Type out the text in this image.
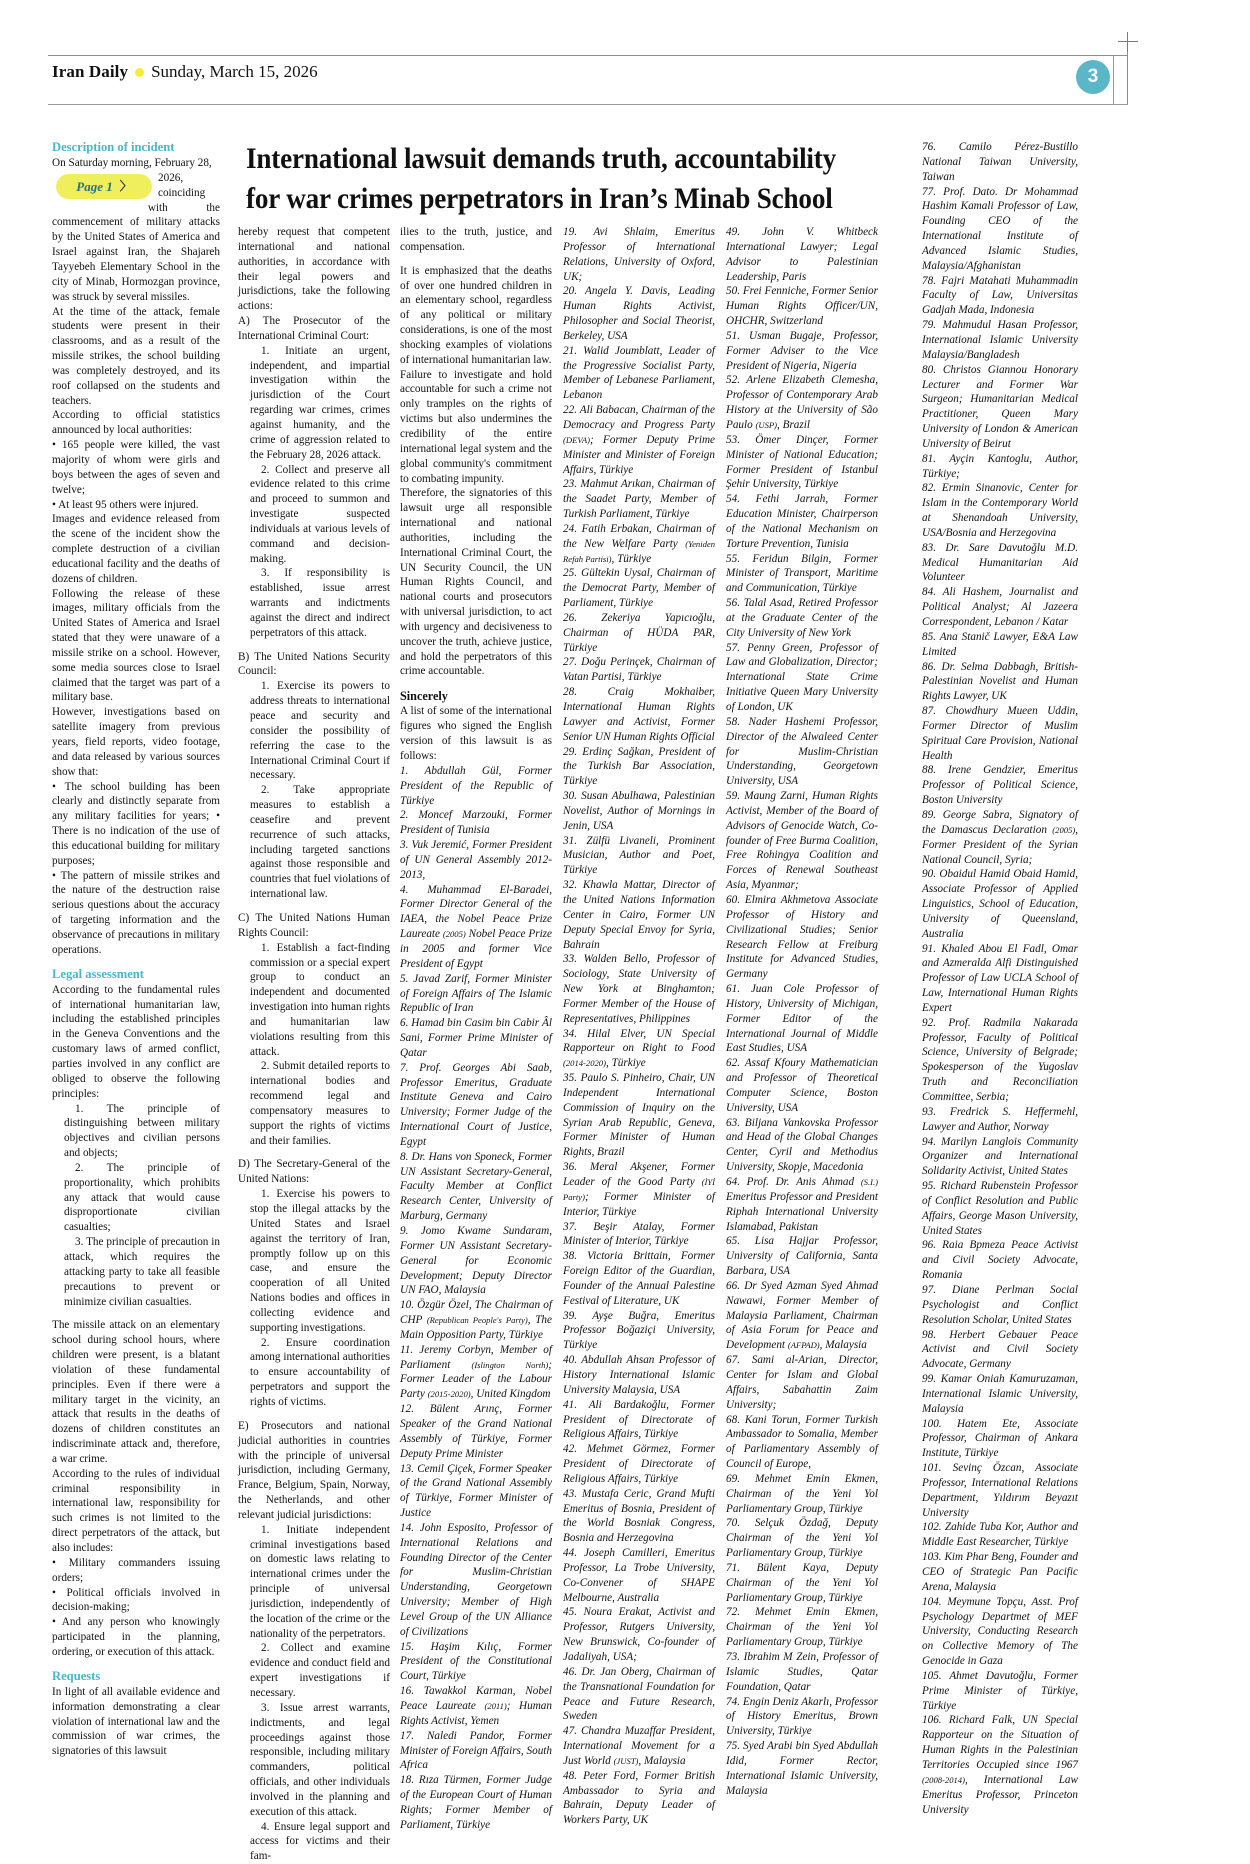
Iran Daily Sunday, March 15, 2026	3
International lawsuit demands truth, accountability for war crimes perpetrators in Iran’s Minab School
Description of incident

On Saturday morning, February 28,

Page 1 〉

2026, coinciding with the commencement of military attacks by the United States of America and Israel against Iran, the Shajareh Tayyebeh Elementary School in the city of Minab, Hormozgan province, was struck by several missiles.

At the time of the attack, female students were present in their classrooms, and as a result of the missile strikes, the school building was completely destroyed, and its roof collapsed on the students and teachers.

According to official statistics announced by local authorities:

• 165 people were killed, the vast majority of whom were girls and boys between the ages of seven and twelve;

• At least 95 others were injured.

Images and evidence released from the scene of the incident show the complete destruction of a civilian educational facility and the deaths of dozens of children.

Following the release of these images, military officials from the United States of America and Israel stated that they were unaware of a missile strike on a school. However, some media sources close to Israel claimed that the target was part of a military base.

However, investigations based on satellite imagery from previous years, field reports, video footage, and data released by various sources show that:

• The school building has been clearly and distinctly separate from any military facilities for years; • There is no indication of the use of this educational building for military purposes;

• The pattern of missile strikes and the nature of the destruction raise serious questions about the accuracy of targeting information and the observance of precautions in military operations.

Legal assessment

According to the fundamental rules of international humanitarian law, including the established principles in the Geneva Conventions and the customary laws of armed conflict, parties involved in any conflict are obliged to observe the following principles:

1. The principle of distinguishing between military objectives and civilian persons and objects;

2. The principle of proportionality, which prohibits any attack that would cause disproportionate civilian casualties;

3. The principle of precaution in attack, which requires the attacking party to take all feasible precautions to prevent or minimize civilian casualties.

The missile attack on an elementary school during school hours, where children were present, is a blatant violation of these fundamental principles. Even if there were a military target in the vicinity, an attack that results in the deaths of dozens of children constitutes an indiscriminate attack and, therefore, a war crime.

According to the rules of individual criminal responsibility in international law, responsibility for such crimes is not limited to the direct perpetrators of the attack, but also includes:

• Military commanders issuing orders;

• Political officials involved in decision-making;

• And any person who knowingly participated in the planning, ordering, or execution of this attack.

Requests

In light of all available evidence and information demonstrating a clear violation of international law and the commission of war crimes, the signatories of this lawsuit

hereby request that competent international and national authorities, in accordance with their legal powers and jurisdictions, take the following actions:

A) The Prosecutor of the International Criminal Court:

1. Initiate an urgent, independent, and impartial investigation within the jurisdiction of the Court regarding war crimes, crimes against humanity, and the crime of aggression related to the February 28, 2026 attack.

2. Collect and preserve all evidence related to this crime and proceed to summon and investigate suspected individuals at various levels of command and decision-making.

3. If responsibility is established, issue arrest warrants and indictments against the direct and indirect perpetrators of this attack.

B) The United Nations Security Council:

1. Exercise its powers to address threats to international peace and security and consider the possibility of referring the case to the International Criminal Court if necessary.

2. Take appropriate measures to establish a ceasefire and prevent recurrence of such attacks, including targeted sanctions against those responsible and countries that fuel violations of international law.

C) The United Nations Human Rights Council:

1. Establish a fact-finding commission or a special expert group to conduct an independent and documented investigation into human rights and humanitarian law violations resulting from this attack.

2. Submit detailed reports to international bodies and recommend legal and compensatory measures to support the rights of victims and their families.

D) The Secretary-General of the United Nations:

1. Exercise his powers to stop the illegal attacks by the United States and Israel against the territory of Iran, promptly follow up on this case, and ensure the cooperation of all United Nations bodies and offices in collecting evidence and supporting investigations.

2. Ensure coordination among international authorities to ensure accountability of perpetrators and support the rights of victims.

E) Prosecutors and national judicial authorities in countries with the principle of universal jurisdiction, including Germany, France, Belgium, Spain, Norway, the Netherlands, and other relevant judicial jurisdictions:

1. Initiate independent criminal investigations based on domestic laws relating to international crimes under the principle of universal jurisdiction, independently of the location of the crime or the nationality of the perpetrators.

2. Collect and examine evidence and conduct field and expert investigations if necessary.

3. Issue arrest warrants, indictments, and legal proceedings against those responsible, including military commanders, political officials, and other individuals involved in the planning and execution of this attack.

4. Ensure legal support and access for victims and their fam-

ilies to the truth, justice, and compensation.

It is emphasized that the deaths of over one hundred children in an elementary school, regardless of any political or military considerations, is one of the most shocking examples of violations of international humanitarian law.

Failure to investigate and hold accountable for such a crime not only tramples on the rights of victims but also undermines the credibility of the entire international legal system and the global community's commitment to combating impunity.

Therefore, the signatories of this lawsuit urge all responsible international and national authorities, including the International Criminal Court, the UN Security Council, the UN Human Rights Council, and national courts and prosecutors with universal jurisdiction, to act with urgency and decisiveness to uncover the truth, achieve justice, and hold the perpetrators of this crime accountable.

Sincerely

A list of some of the international figures who signed the English version of this lawsuit is as follows:

1. Abdullah Gül, Former President of the Republic of Türkiye

2. Moncef Marzouki, Former President of Tunisia

3. Vuk Jeremić, Former President of UN General Assembly 2012-2013,

4. Muhammad El-Baradei, Former Director General of the IAEA, the Nobel Peace Prize Laureate (2005) Nobel Peace Prize in 2005 and former Vice President of Egypt

5. Javad Zarif, Former Minister of Foreign Affairs of The Islamic Republic of Iran

6. Hamad bin Casim bin Cabir Âl Sani, Former Prime Minister of Qatar

7. Prof. Georges Abi Saab, Professor Emeritus, Graduate Institute Geneva and Cairo University; Former Judge of the International Court of Justice, Egypt

8. Dr. Hans von Sponeck, Former UN Assistant Secretary-General, Faculty Member at Conflict Research Center, University of Marburg, Germany

9. Jomo Kwame Sundaram, Former UN Assistant Secretary-General for Economic Development; Deputy Director UN FAO, Malaysia

10. Özgür Özel, The Chairman of CHP (Republican People's Party), The Main Opposition Party, Türkiye

11. Jeremy Corbyn, Member of Parliament (Islington North); Former Leader of the Labour Party (2015-2020), United Kingdom

12. Bülent Arınç, Former Speaker of the Grand National Assembly of Türkiye, Former Deputy Prime Minister

13. Cemil Çiçek, Former Speaker of the Grand National Assembly of Türkiye, Former Minister of Justice

14. John Esposito, Professor of International Relations and Founding Director of the Center for Muslim-Christian Understanding, Georgetown University; Member of High Level Group of the UN Alliance of Civilizations

15. Haşim Kılıç, Former President of the Constitutional Court, Türkiye

16. Tawakkol Karman, Nobel Peace Laureate (2011); Human Rights Activist, Yemen

17. Naledi Pandor, Former Minister of Foreign Affairs, South Africa

18. Rıza Türmen, Former Judge of the European Court of Human Rights; Former Member of Parliament, Türkiye

19. Avi Shlaim, Emeritus Professor of International Relations, University of Oxford, UK;

20. Angela Y. Davis, Leading Human Rights Activist, Philosopher and Social Theorist, Berkeley, USA

21. Walid Joumblatt, Leader of the Progressive Socialist Party, Member of Lebanese Parliament, Lebanon

22. Ali Babacan, Chairman of the Democracy and Progress Party (DEVA); Former Deputy Prime Minister and Minister of Foreign Affairs, Türkiye

23. Mahmut Arıkan, Chairman of the Saadet Party, Member of Turkish Parliament, Türkiye

24. Fatih Erbakan, Chairman of the New Welfare Party (Yeniden Refah Partisi), Türkiye

25. Gültekin Uysal, Chairman of the Democrat Party, Member of Parliament, Türkiye

26. Zekeriya Yapıcıoğlu, Chairman of HÜDA PAR, Türkiye

27. Doğu Perinçek, Chairman of Vatan Partisi, Türkiye

28. Craig Mokhaiber, International Human Rights Lawyer and Activist, Former Senior UN Human Rights Official

29. Erdinç Sağkan, President of the Turkish Bar Association, Türkiye

30. Susan Abulhawa, Palestinian Novelist, Author of Mornings in Jenin, USA

31. Zülfü Livaneli, Prominent Musician, Author and Poet, Türkiye

32. Khawla Mattar, Director of the United Nations Information Center in Cairo, Former UN Deputy Special Envoy for Syria, Bahrain

33. Walden Bello, Professor of Sociology, State University of New York at Binghamton; Former Member of the House of Representatives, Philippines

34. Hilal Elver, UN Special Rapporteur on Right to Food (2014-2020), Türkiye

35. Paulo S. Pinheiro, Chair, UN Independent International Commission of Inquiry on the Syrian Arab Republic, Geneva, Former Minister of Human Rights, Brazil

36. Meral Akşener, Former Leader of the Good Party (İYİ Party); Former Minister of Interior, Türkiye

37. Beşir Atalay, Former Minister of Interior, Türkiye

38. Victoria Brittain, Former Foreign Editor of the Guardian, Founder of the Annual Palestine Festival of Literature, UK

39. Ayşe Buğra, Emeritus Professor Boğaziçi University, Türkiye

40. Abdullah Ahsan Professor of History International Islamic University Malaysia, USA

41. Ali Bardakoğlu, Former President of Directorate of Religious Affairs, Türkiye

42. Mehmet Görmez, Former President of Directorate of Religious Affairs, Türkiye

43. Mustafa Ceric, Grand Mufti Emeritus of Bosnia, President of the World Bosniak Congress, Bosnia and Herzegovina

44. Joseph Camilleri, Emeritus Professor, La Trobe University, Co-Convener of SHAPE Melbourne, Australia

45. Noura Erakat, Activist and Professor, Rutgers University, New Brunswick, Co-founder of Jadaliyah, USA;

46. Dr. Jan Oberg, Chairman of the Transnational Foundation for Peace and Future Research, Sweden

47. Chandra Muzaffar President, International Movement for a Just World (JUST), Malaysia

48. Peter Ford, Former British Ambassador to Syria and Bahrain, Deputy Leader of Workers Party, UK

49. John V. Whitbeck International Lawyer; Legal Advisor to Palestinian Leadership, Paris

50. Frei Fenniche, Former Senior Human Rights Officer/UN, OHCHR, Switzerland

51. Usman Bugaje, Professor, Former Adviser to the Vice President of Nigeria, Nigeria

52. Arlene Elizabeth Clemesha, Professor of Contemporary Arab History at the University of São Paulo (USP), Brazil

53. Ömer Dinçer, Former Minister of National Education; Former President of Istanbul Şehir University, Türkiye

54. Fethi Jarrah, Former Education Minister, Chairperson of the National Mechanism on Torture Prevention, Tunisia

55. Feridun Bilgin, Former Minister of Transport, Maritime and Communication, Türkiye

56. Talal Asad, Retired Professor at the Graduate Center of the City University of New York

57. Penny Green, Professor of Law and Globalization, Director; International State Crime Initiative Queen Mary University of London, UK

58. Nader Hashemi Professor, Director of the Alwaleed Center for Muslim-Christian Understanding, Georgetown University, USA

59. Maung Zarni, Human Rights Activist, Member of the Board of Advisors of Genocide Watch, Co-founder of Free Burma Coalition, Free Rohingya Coalition and Forces of Renewal Southeast Asia, Myanmar;

60. Elmira Akhmetova Associate Professor of History and Civilizational Studies; Senior Research Fellow at Freiburg Institute for Advanced Studies, Germany

61. Juan Cole Professor of History, University of Michigan, Former Editor of the International Journal of Middle East Studies, USA

62. Assaf Kfoury Mathematician and Professor of Theoretical Computer Science, Boston University, USA

63. Biljana Vankovska Professor and Head of the Global Changes Center, Cyril and Methodius University, Skopje, Macedonia

64. Prof. Dr. Anis Ahmad (S.I.) Emeritus Professor and President Riphah International University Islamabad, Pakistan

65. Lisa Hajjar Professor, University of California, Santa Barbara, USA

66. Dr Syed Azman Syed Ahmad Nawawi, Former Member of Malaysia Parliament, Chairman of Asia Forum for Peace and Development (AFPAD), Malaysia

67. Sami al-Arian, Director, Center for Islam and Global Affairs, Sabahattin Zaim University;

68. Kani Torun, Former Turkish Ambassador to Somalia, Member of Parliamentary Assembly of Council of Europe,

69. Mehmet Emin Ekmen, Chairman of the Yeni Yol Parliamentary Group, Türkiye

70. Selçuk Özdağ, Deputy Chairman of the Yeni Yol Parliamentary Group, Türkiye

71. Bülent Kaya, Deputy Chairman of the Yeni Yol Parliamentary Group, Türkiye

72. Mehmet Emin Ekmen, Chairman of the Yeni Yol Parliamentary Group, Türkiye

73. Ibrahim M Zein, Professor of Islamic Studies, Qatar Foundation, Qatar

74. Engin Deniz Akarlı, Professor of History Emeritus, Brown University, Türkiye

75. Syed Arabi bin Syed Abdullah Idid, Former Rector, International Islamic University, Malaysia

76. Camilo Pérez-Bustillo National Taiwan University, Taiwan

77. Prof. Dato. Dr Mohammad Hashim Kamali Professor of Law, Founding CEO of the International Institute of Advanced Islamic Studies, Malaysia/Afghanistan

78. Fajri Matahati Muhammadin Faculty of Law, Universitas Gadjah Mada, Indonesia

79. Mahmudul Hasan Professor, International Islamic University Malaysia/Bangladesh

80. Christos Giannou Honorary Lecturer and Former War Surgeon; Humanitarian Medical Practitioner, Queen Mary University of London & American University of Beirut

81. Ayçin Kantoglu, Author, Türkiye;

82. Ermin Sinanovic, Center for Islam in the Contemporary World at Shenandoah University, USA/Bosnia and Herzegovina

83. Dr. Sare Davutoğlu M.D. Medical Humanitarian Aid Volunteer

84. Ali Hashem, Journalist and Political Analyst; Al Jazeera Correspondent, Lebanon / Katar

85. Ana Stanič Lawyer, E&A Law Limited

86. Dr. Selma Dabbagh, British-Palestinian Novelist and Human Rights Lawyer, UK

87. Chowdhury Mueen Uddin, Former Director of Muslim Spiritual Care Provision, National Health

88. Irene Gendzier, Emeritus Professor of Political Science, Boston University

89. George Sabra, Signatory of the Damascus Declaration (2005), Former President of the Syrian National Council, Syria;

90. Obaidul Hamid Obaid Hamid, Associate Professor of Applied Linguistics, School of Education, University of Queensland, Australia

91. Khaled Abou El Fadl, Omar and Azmeralda Alfi Distinguished Professor of Law UCLA School of Law, International Human Rights Expert

92. Prof. Radmila Nakarada Professor, Faculty of Political Science, University of Belgrade; Spokesperson of the Yugoslav Truth and Reconciliation Committee, Serbia;

93. Fredrick S. Heffermehl, Lawyer and Author, Norway

94. Marilyn Langlois Community Organizer and International Solidarity Activist, United States

95. Richard Rubenstein Professor of Conflict Resolution and Public Affairs, George Mason University, United States

96. Raia Bpmeza Peace Activist and Civil Society Advocate, Romania

97. Diane Perlman Social Psychologist and Conflict Resolution Scholar, United States

98. Herbert Gebauer Peace Activist and Civil Society Advocate, Germany

99. Kamar Oniah Kamuruzaman, International Islamic University, Malaysia

100. Hatem Ete, Associate Professor, Chairman of Ankara Institute, Türkiye

101. Sevinç Özcan, Associate Professor, International Relations Department, Yıldırım Beyazıt University

102. Zahide Tuba Kor, Author and Middle East Researcher, Türkiye

103. Kim Phar Beng, Founder and CEO of Strategic Pan Pacific Arena, Malaysia

104. Meymune Topçu, Asst. Prof Psychology Departmet of MEF University, Conducting Research on Collective Memory of The Genocide in Gaza

105. Ahmet Davutoğlu, Former Prime Minister of Türkiye, Türkiye

106. Richard Falk, UN Special Rapporteur on the Situation of Human Rights in the Palestinian Territories Occupied since 1967 (2008-2014), International Law Emeritus Professor, Princeton University
